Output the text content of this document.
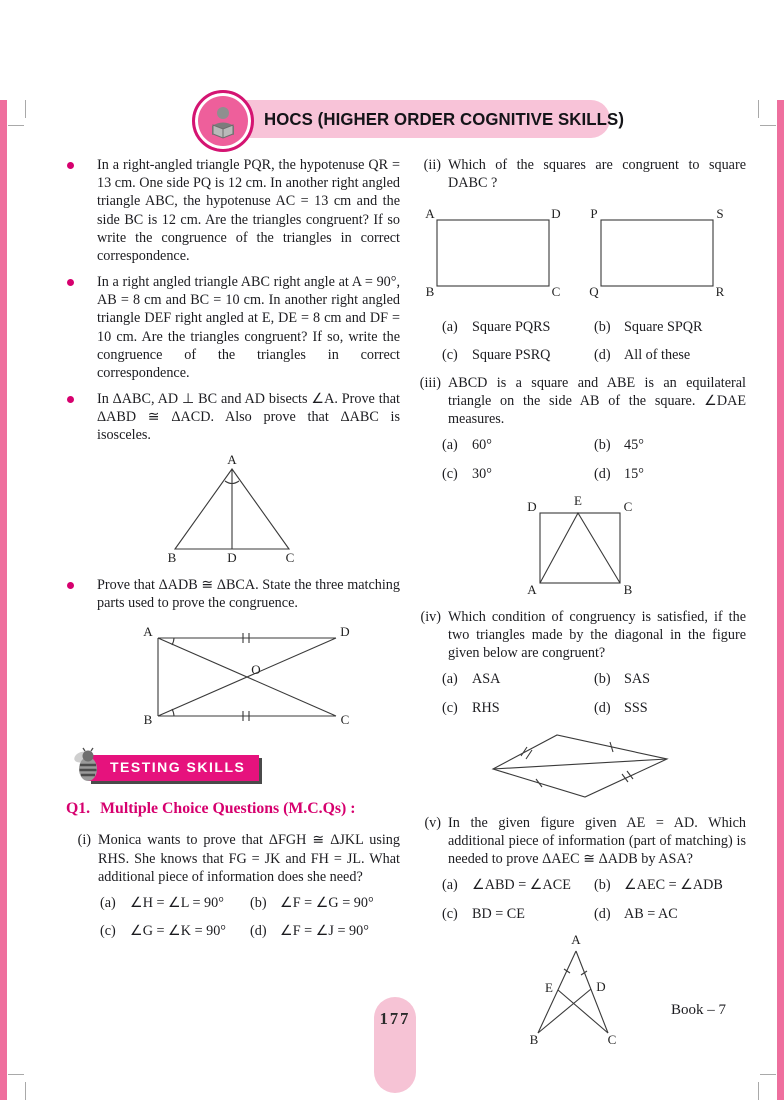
HOCS (HIGHER ORDER COGNITIVE SKILLS)
In a right-angled triangle PQR, the hypotenuse QR = 13 cm. One side PQ is 12 cm. In another right angled triangle ABC, the hypotenuse AC = 13 cm and the side BC is 12 cm. Are the triangles congruent? If so write the congruence of the triangles in correct correspondence.
In a right angled triangle ABC right angle at A = 90°, AB = 8 cm and BC = 10 cm. In another right angled triangle DEF right angled at E, DE = 8 cm and DF = 10 cm. Are the triangles congruent? If so, write the congruence of the triangles in correct correspondence.
In ΔABC, AD ⊥ BC and AD bisects ∠A. Prove that ΔABD ≅ ΔACD. Also prove that ΔABC is isosceles.
A
B	D	C
Prove that ΔADB ≅ ΔBCA. State the three matching parts used to prove the congruence.
A	D
B	C
O
TESTING SKILLS
Q1. Multiple Choice Questions (M.C.Qs) :
(i) Monica wants to prove that ΔFGH ≅ ΔJKL using RHS. She knows that FG = JK and FH = JL. What additional piece of information does she need?
(a)	∠H = ∠L = 90° (b) ∠F = ∠G = 90°
(c)	∠G = ∠K = 90° (d) ∠F = ∠J = 90°
(ii) Which of the squares are congruent to square DABC ?
A	D
B	C
P	S
Q	R
(a)	Square PQRS	(b) Square SPQR
(c)	Square PSRQ	(d) All of these
(iii) ABCD is a square and ABE is an equilateral triangle on the side AB of the square. ∠DAE measures.
(a)	60°	(b) 45°
(c)	30°	(d) 15°
D	E	C
A	B
(iv) Which condition of congruency is satisfied, if the two triangles made by the diagonal in the figure given below are congruent?
(a)	ASA	(b) SAS
(c)	RHS	(d) SSS
(v) In the given figure given AE = AD. Which additional piece of information (part of matching) is needed to prove ΔAEC ≅ ΔADB by ASA?
(a)	∠ABD = ∠ACE (b) ∠AEC = ∠ADB
(c)	BD = CE	(d) AB = AC
A
E	D
B	C
Book – 7
177
